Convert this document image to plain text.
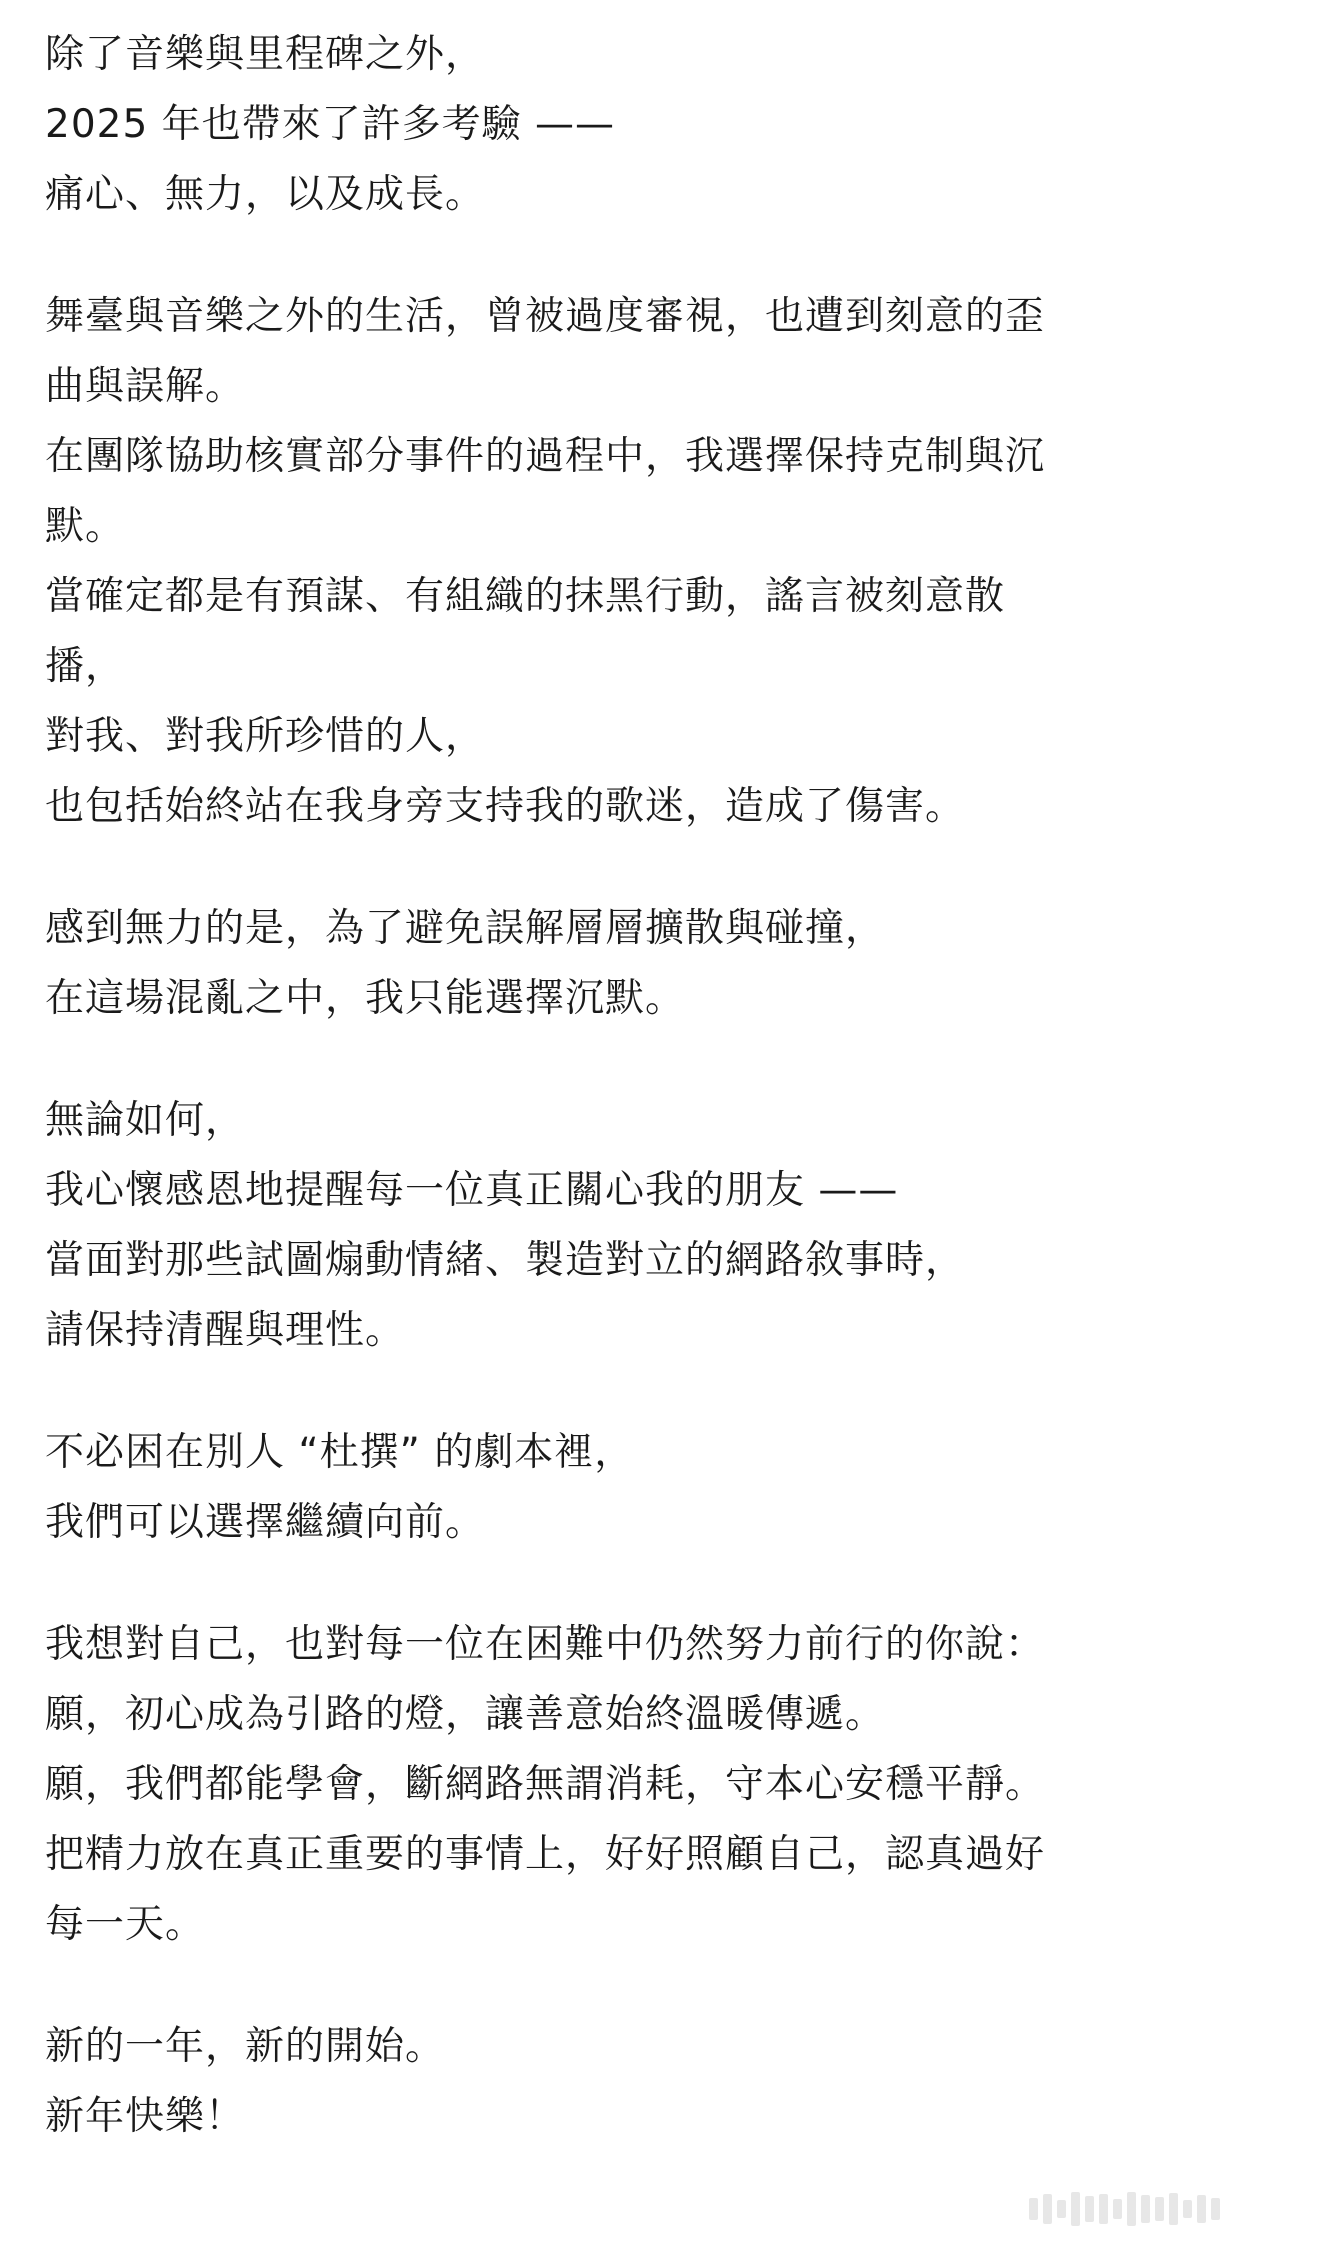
除了音樂與里程碑之外，
2025 年也帶來了許多考驗 ——
痛心、無力，以及成長。
舞臺與音樂之外的生活，曾被過度審視，也遭到刻意的歪
曲與誤解。
在團隊協助核實部分事件的過程中，我選擇保持克制與沉
默。
當確定都是有預謀、有組織的抹黑行動，謠言被刻意散
播，
對我、對我所珍惜的人，
也包括始終站在我身旁支持我的歌迷，造成了傷害。
感到無力的是，為了避免誤解層層擴散與碰撞，
在這場混亂之中，我只能選擇沉默。
無論如何，
我心懷感恩地提醒每一位真正關心我的朋友 ——
當面對那些試圖煽動情緒、製造對立的網路敘事時，
請保持清醒與理性。
不必困在別人 “杜撰” 的劇本裡，
我們可以選擇繼續向前。
我想對自己，也對每一位在困難中仍然努力前行的你說：
願，初心成為引路的燈，讓善意始終溫暖傳遞。
願，我們都能學會，斷網路無謂消耗，守本心安穩平靜。
把精力放在真正重要的事情上，好好照顧自己，認真過好
每一天。
新的一年，新的開始。
新年快樂！
